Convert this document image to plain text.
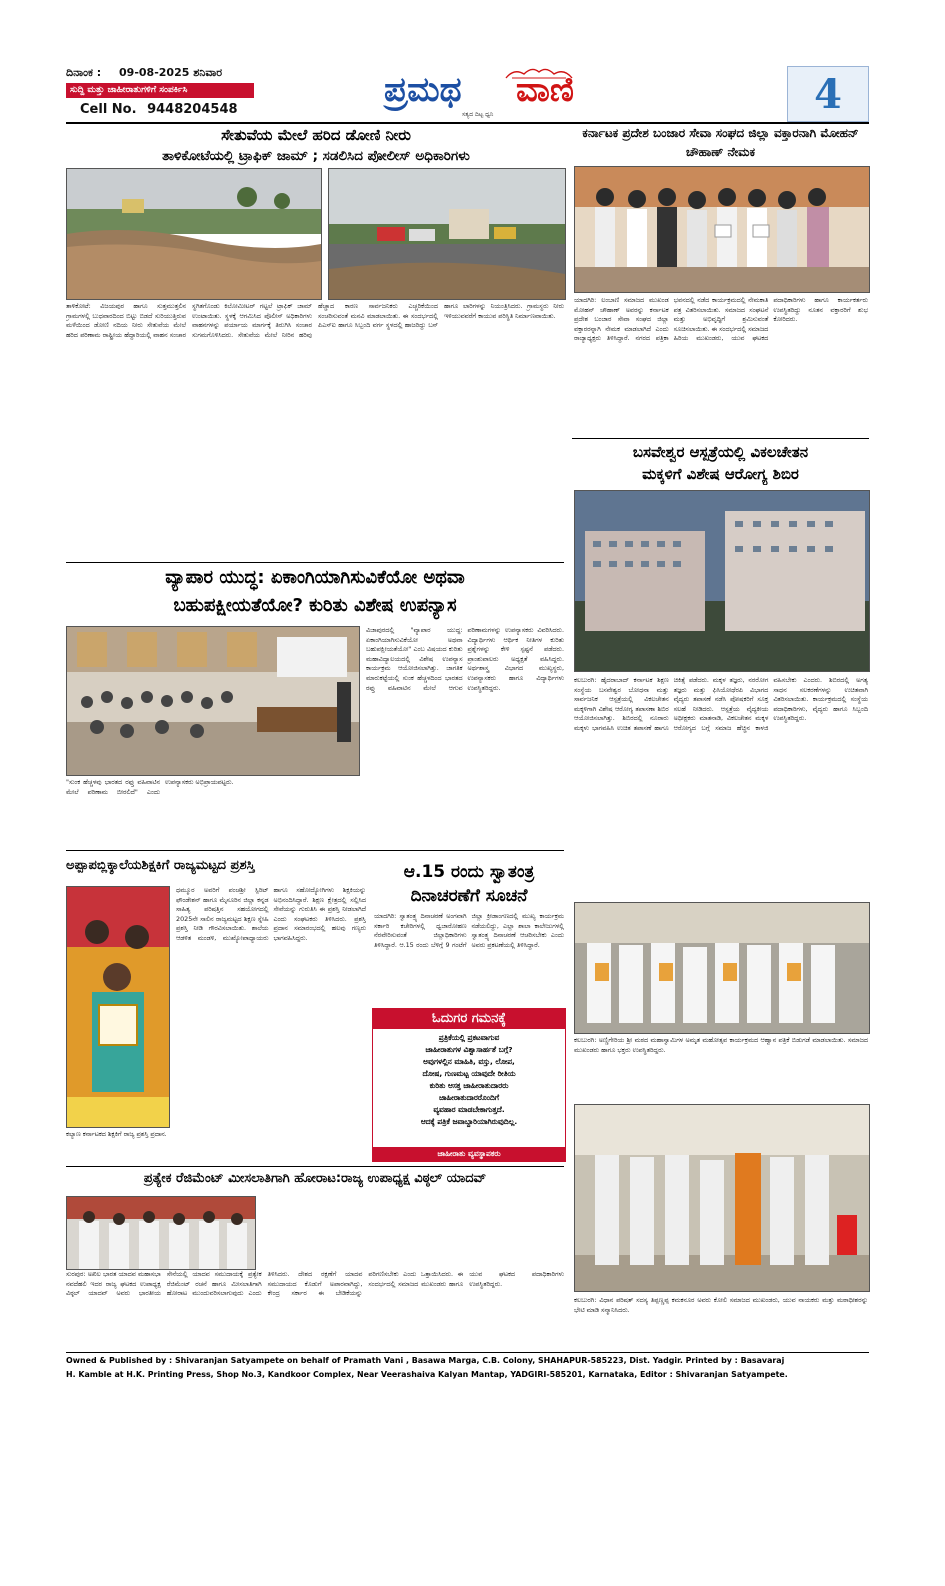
ದಿನಾಂಕ : 09-08-2025 ಶನಿವಾರ
ಸುದ್ದಿ ಮತ್ತು ಜಾಹೀರಾತುಗಳಿಗೆ ಸಂಪರ್ಕಿಸಿ
Cell No. 9448204548	ಪ್ರಮಥ ವಾಣಿ
ಸತ್ಯದ ದಿಟ್ಟ ಧ್ವನಿ	4
ಸೇತುವೆಯ ಮೇಲೆ ಹರಿದ ಡೋಣಿ ನೀರು
ತಾಳಿಕೋಟೆಯಲ್ಲಿ ಟ್ರಾಫಿಕ್ ಜಾಮ್ ; ಸಡಲಿಸಿದ ಪೋಲೀಸ್ ಅಧಿಕಾರಿಗಳು
ತಾಳಿಕೋಟೆ: ವಿಜಯಪುರ ಹಾಗೂ ಸುತ್ತಮುತ್ತಲಿನ ಗ್ರಾಮಗಳಲ್ಲಿ ಬುಧವಾರದಿಂದ ಬಿಟ್ಟು ಬಿಡದೆ ಸುರಿಯುತ್ತಿರುವ ಮಳೆಯಿಂದ ಡೋಣಿ ನದಿಯ ನೀರು ಸೇತುವೆಯ ಮೇಲೆ ಹರಿದ ಪರಿಣಾಮ ರಾಷ್ಟ್ರೀಯ ಹೆದ್ದಾರಿಯಲ್ಲಿ ವಾಹನ ಸಂಚಾರ ಸ್ಥಗಿತಗೊಂಡು ಕಿಲೋಮೀಟರ್ ಗಟ್ಟಲೆ ಟ್ರಾಫಿಕ್ ಜಾಮ್ ಉಂಟಾಯಿತು. ಸ್ಥಳಕ್ಕೆ ಆಗಮಿಸಿದ ಪೊಲೀಸ್ ಅಧಿಕಾರಿಗಳು ವಾಹನಗಳನ್ನು ಪರ್ಯಾಯ ಮಾರ್ಗಕ್ಕೆ ತಿರುಗಿಸಿ ಸಂಚಾರ ಸುಗಮಗೊಳಿಸಿದರು. ಸೇತುವೆಯ ಮೇಲೆ ನೀರಿನ ಹರಿವು ಹೆಚ್ಚಾದ ಕಾರಣ ಸಾರ್ವಜನಿಕರು ಎಚ್ಚರಿಕೆಯಿಂದ ಸಂಚರಿಸುವಂತೆ ಮನವಿ ಮಾಡಲಾಯಿತು. ಈ ಸಂದರ್ಭದಲ್ಲಿ ಪಿಎಸ್‌ಐ ಹಾಗೂ ಸಿಬ್ಬಂದಿ ವರ್ಗ ಸ್ಥಳದಲ್ಲಿ ಹಾಜರಿದ್ದು ಬಸ್ ಹಾಗೂ ಲಾರಿಗಳನ್ನು ನಿಯಂತ್ರಿಸಿದರು. ಗ್ರಾಮಸ್ಥರು ನೀರು ಇಳಿಯುವವರೆಗೆ ಕಾಯುವ ಪರಿಸ್ಥಿತಿ ನಿರ್ಮಾಣವಾಯಿತು.
ಕರ್ನಾಟಕ ಪ್ರದೇಶ ಬಂಜಾರ ಸೇವಾ ಸಂಘದ ಜಿಲ್ಲಾ ವಕ್ತಾರನಾಗಿ ಮೋಹನ್ ಚೌಹಾಣ್ ನೇಮಕ
ಯಾದಗಿರಿ: ಲಂಬಾಣಿ ಸಮಾಜದ ಮುಖಂಡ ಮೋಹನ್ ಚೌಹಾಣ್ ಅವರನ್ನು ಕರ್ನಾಟಕ ಪ್ರದೇಶ ಬಂಜಾರ ಸೇವಾ ಸಂಘದ ಜಿಲ್ಲಾ ವಕ್ತಾರರನ್ನಾಗಿ ನೇಮಕ ಮಾಡಲಾಗಿದೆ ಎಂದು ರಾಜ್ಯಾಧ್ಯಕ್ಷರು ತಿಳಿಸಿದ್ದಾರೆ. ನಗರದ ಪತ್ರಿಕಾ ಭವನದಲ್ಲಿ ನಡೆದ ಕಾರ್ಯಕ್ರಮದಲ್ಲಿ ನೇಮಕಾತಿ ಪತ್ರ ವಿತರಿಸಲಾಯಿತು. ಸಮಾಜದ ಸಂಘಟನೆ ಮತ್ತು ಅಭಿವೃದ್ಧಿಗೆ ಶ್ರಮಿಸುವಂತೆ ಸೂಚಿಸಲಾಯಿತು. ಈ ಸಂದರ್ಭದಲ್ಲಿ ಸಮಾಜದ ಹಿರಿಯ ಮುಖಂಡರು, ಯುವ ಘಟಕದ ಪದಾಧಿಕಾರಿಗಳು ಹಾಗೂ ಕಾರ್ಯಕರ್ತರು ಉಪಸ್ಥಿತರಿದ್ದು ನೂತನ ವಕ್ತಾರರಿಗೆ ಶುಭ ಕೋರಿದರು.
ಬಸವೇಶ್ವರ ಆಸ್ಪತ್ರೆಯಲ್ಲಿ ವಿಕಲಚೇತನ
ಮಕ್ಕಳಿಗೆ ವಿಶೇಷ ಆರೋಗ್ಯ ಶಿಬಿರ
ಕಲಬುರಗಿ: ಹೈದರಾಬಾದ್ ಕರ್ನಾಟಕ ಶಿಕ್ಷಣ ಸಂಸ್ಥೆಯ ಬಸವೇಶ್ವರ ಬೋಧನಾ ಮತ್ತು ಸಾರ್ವಜನಿಕ ಆಸ್ಪತ್ರೆಯಲ್ಲಿ ವಿಕಲಚೇತನ ಮಕ್ಕಳಿಗಾಗಿ ವಿಶೇಷ ಆರೋಗ್ಯ ತಪಾಸಣಾ ಶಿಬಿರ ಆಯೋಜಿಸಲಾಗಿತ್ತು. ಶಿಬಿರದಲ್ಲಿ ನೂರಾರು ಮಕ್ಕಳು ಭಾಗವಹಿಸಿ ಉಚಿತ ತಪಾಸಣೆ ಹಾಗೂ ಚಿಕಿತ್ಸೆ ಪಡೆದರು. ಮಕ್ಕಳ ತಜ್ಞರು, ನರರೋಗ ತಜ್ಞರು ಮತ್ತು ಫಿಸಿಯೋಥೆರಪಿ ವಿಭಾಗದ ವೈದ್ಯರು ತಪಾಸಣೆ ನಡೆಸಿ ಪೋಷಕರಿಗೆ ಸೂಕ್ತ ಸಲಹೆ ನೀಡಿದರು. ಆಸ್ಪತ್ರೆಯ ವೈದ್ಯಕೀಯ ಅಧೀಕ್ಷಕರು ಮಾತನಾಡಿ, ವಿಕಲಚೇತನ ಮಕ್ಕಳ ಆರೋಗ್ಯದ ಬಗ್ಗೆ ಸಮಾಜ ಹೆಚ್ಚಿನ ಕಾಳಜಿ ವಹಿಸಬೇಕು ಎಂದರು. ಶಿಬಿರದಲ್ಲಿ ಅಗತ್ಯ ಸಾಧನ ಸಲಕರಣೆಗಳನ್ನು ಉಚಿತವಾಗಿ ವಿತರಿಸಲಾಯಿತು. ಕಾರ್ಯಕ್ರಮದಲ್ಲಿ ಸಂಸ್ಥೆಯ ಪದಾಧಿಕಾರಿಗಳು, ವೈದ್ಯರು ಹಾಗೂ ಸಿಬ್ಬಂದಿ ಉಪಸ್ಥಿತರಿದ್ದರು.
ಕಲಬುರಗಿ: ಅಣ್ಣಿಗೇರಿಯ ಶ್ರೀ ಮಠದ ಮಹಾಸ್ವಾಮಿಗಳ ಅಮೃತ ಮಹೋತ್ಸವ ಕಾರ್ಯಕ್ರಮದ ಆಹ್ವಾನ ಪತ್ರಿಕೆ ಬಿಡುಗಡೆ ಮಾಡಲಾಯಿತು. ಸಮಾಜದ ಮುಖಂಡರು ಹಾಗೂ ಭಕ್ತರು ಉಪಸ್ಥಿತರಿದ್ದರು.
ಕಲಬುರಗಿ: ವಿಧಾನ ಪರಿಷತ್ ಸದಸ್ಯ ತಿಪ್ಪಣ್ಣಪ್ಪ ಕಮಕನೂರ ಅವರು ಕೋಲಿ ಸಮಾಜದ ಮುಖಂಡರು, ಯುವ ನಾಯಕರು ಮತ್ತು ಮಠಾಧೀಶರನ್ನು ಭೇಟಿ ಮಾಡಿ ಸನ್ಮಾನಿಸಿದರು.
ವ್ಯಾಪಾರ ಯುದ್ಧ: ಏಕಾಂಗಿಯಾಗಿಸುವಿಕೆಯೋ ಅಥವಾ
ಬಹುಪಕ್ಷೀಯತೆಯೋ? ಕುರಿತು ವಿಶೇಷ ಉಪನ್ಯಾಸ
ವಿಜಾಪುರದಲ್ಲಿ "ವ್ಯಾಪಾರ ಯುದ್ಧ: ಏಕಾಂಗಿಯಾಗಿಸುವಿಕೆಯೋ ಅಥವಾ ಬಹುಪಕ್ಷೀಯತೆಯೋ" ಎಂಬ ವಿಷಯದ ಕುರಿತು ಮಹಾವಿದ್ಯಾಲಯದಲ್ಲಿ ವಿಶೇಷ ಉಪನ್ಯಾಸ ಕಾರ್ಯಕ್ರಮ ಆಯೋಜಿಸಲಾಗಿತ್ತು. ಜಾಗತಿಕ ಮಾರುಕಟ್ಟೆಯಲ್ಲಿ ಸುಂಕ ಹೆಚ್ಚಳದಿಂದ ಭಾರತದ ರಫ್ತು ವಹಿವಾಟಿನ ಮೇಲೆ ಆಗುವ ಪರಿಣಾಮಗಳನ್ನು ಉಪನ್ಯಾಸಕರು ವಿವರಿಸಿದರು. ವಿದ್ಯಾರ್ಥಿಗಳು ಆರ್ಥಿಕ ನೀತಿಗಳ ಕುರಿತು ಪ್ರಶ್ನೆಗಳನ್ನು ಕೇಳಿ ಸ್ಪಷ್ಟನೆ ಪಡೆದರು. ಪ್ರಾಂಶುಪಾಲರು ಅಧ್ಯಕ್ಷತೆ ವಹಿಸಿದ್ದರು. ಅರ್ಥಶಾಸ್ತ್ರ ವಿಭಾಗದ ಮುಖ್ಯಸ್ಥರು, ಉಪನ್ಯಾಸಕರು ಹಾಗೂ ವಿದ್ಯಾರ್ಥಿಗಳು ಉಪಸ್ಥಿತರಿದ್ದರು.
"ಸುಂಕ ಹೆಚ್ಚಳವು ಭಾರತದ ರಫ್ತು ವಹಿವಾಟಿನ ಮೇಲೆ ಪರಿಣಾಮ ಬೀರಲಿದೆ" ಎಂದು ಉಪನ್ಯಾಸಕರು ಅಭಿಪ್ರಾಯಪಟ್ಟರು.
ಅಪ್ಪಾಪಬ್ಲಿಕ್ಶಾಲೆಯಶಿಕ್ಷಕಿಗೆ ರಾಜ್ಯಮಟ್ಟದ ಪ್ರಶಸ್ತಿ
ಧಮ್ಮೂರ ಅವರಿಗೆ ಪಂಚಶ್ರೀ ಸ್ಪಿರಿಟ್ ಫೌಂಡೇಶನ್ ಹಾಗೂ ಮೈಸೂರಿನ ಜಿಲ್ಲಾ ಕನ್ನಡ ಸಾಹಿತ್ಯ ಪರಿಷತ್ತಿನ ಸಹಯೋಗದಲ್ಲಿ 2025ನೇ ಸಾಲಿನ ರಾಜ್ಯಮಟ್ಟದ ಶಿಕ್ಷಣ ಸ್ನೇಹಿ ಪ್ರಶಸ್ತಿ ನೀಡಿ ಗೌರವಿಸಲಾಯಿತು. ಶಾಲೆಯ ಆಡಳಿತ ಮಂಡಳಿ, ಮುಖ್ಯೋಪಾಧ್ಯಾಯರು ಹಾಗೂ ಸಹೋದ್ಯೋಗಿಗಳು ಶಿಕ್ಷಕಿಯನ್ನು ಅಭಿನಂದಿಸಿದ್ದಾರೆ. ಶಿಕ್ಷಣ ಕ್ಷೇತ್ರದಲ್ಲಿ ಸಲ್ಲಿಸಿದ ಸೇವೆಯನ್ನು ಗುರುತಿಸಿ ಈ ಪ್ರಶಸ್ತಿ ನೀಡಲಾಗಿದೆ ಎಂದು ಸಂಘಟಕರು ತಿಳಿಸಿದರು. ಪ್ರಶಸ್ತಿ ಪ್ರದಾನ ಸಮಾರಂಭದಲ್ಲಿ ಹಲವು ಗಣ್ಯರು ಭಾಗವಹಿಸಿದ್ದರು.
ಕಲ್ಯಾಣ ಕರ್ನಾಟಕದ ಶಿಕ್ಷಕಿಗೆ ರಾಜ್ಯ ಪ್ರಶಸ್ತಿ ಪ್ರದಾನ.
ಆ.15 ರಂದು ಸ್ವಾತಂತ್ರ
ದಿನಾಚರಣೆಗೆ ಸೂಚನೆ
ಯಾದಗಿರಿ: ಸ್ವಾತಂತ್ರ್ಯ ದಿನಾಚರಣೆ ಅಂಗವಾಗಿ ಸರ್ಕಾರಿ ಕಚೇರಿಗಳಲ್ಲಿ ಧ್ವಜಾರೋಹಣ ನೆರವೇರಿಸುವಂತೆ ಜಿಲ್ಲಾಧಿಕಾರಿಗಳು ತಿಳಿಸಿದ್ದಾರೆ. ಆ.15 ರಂದು ಬೆಳಿಗ್ಗೆ 9 ಗಂಟೆಗೆ ಜಿಲ್ಲಾ ಕ್ರೀಡಾಂಗಣದಲ್ಲಿ ಮುಖ್ಯ ಕಾರ್ಯಕ್ರಮ ನಡೆಯಲಿದ್ದು, ಎಲ್ಲಾ ಶಾಲಾ ಕಾಲೇಜುಗಳಲ್ಲಿ ಸ್ವಾತಂತ್ರ್ಯ ದಿನಾಚರಣೆ ಆಚರಿಸಬೇಕು ಎಂದು ಅವರು ಪ್ರಕಟಣೆಯಲ್ಲಿ ತಿಳಿಸಿದ್ದಾರೆ.
ಓದುಗರ ಗಮನಕ್ಕೆ
ಪ್ರತ್ರಿಕೆಯಲ್ಲಿ ಪ್ರಕಟವಾಗುವ
ಜಾಹೀರಾತುಗಳ ವಿಶ್ವಾಸಾರ್ಹತೆ ಬಗ್ಗೆ?
ಅವುಗಳಲ್ಲಿನ ಮಾಹಿತಿ, ವಸ್ತು, ಲೋಪ,
ದೋಷ, ಗುಣಮಟ್ಟ ಯಾವುದೇ ರೀತಿಯ
ಕುರಿತು ಆಸಕ್ತ ಜಾಹೀರಾತುದಾರರು
ಜಾಹೀರಾತುದಾರರೊಂದಿಗೆ
ವ್ಯವಹಾರ ಮಾಡಬೇಕಾಗುತ್ತದೆ.
ಆದಕ್ಕೆ ಪತ್ರಿಕೆ ಜವಾಬ್ದಾರಿಯಾಗಿರುವುದಿಲ್ಲ.
ಜಾಹೀರಾತು ವ್ಯವಸ್ಥಾಪಕರು
ಪ್ರತ್ಯೇಕ ರೆಜಿಮೆಂಟ್ ಮೀಸಲಾತಿಗಾಗಿ ಹೋರಾಟ:ರಾಜ್ಯ ಉಪಾಧ್ಯಕ್ಷ ವಿಠ್ಠಲ್ ಯಾದವ್
ಸುರಪುರ: ಅಖಿಲ ಭಾರತ ಯಾದವ ಮಹಾಸಭಾ ನವದೆಹಲಿ ಇದರ ರಾಜ್ಯ ಘಟಕದ ಉಪಾಧ್ಯಕ್ಷ ವಿಠ್ಠಲ್ ಯಾದವ್ ಅವರು ಭಾರತೀಯ ಸೇನೆಯಲ್ಲಿ ಯಾದವ ಸಮುದಾಯಕ್ಕೆ ಪ್ರತ್ಯೇಕ ರೆಜಿಮೆಂಟ್ ರಚನೆ ಹಾಗೂ ಮೀಸಲಾತಿಗಾಗಿ ಹೋರಾಟ ಮುಂದುವರಿಸಲಾಗುವುದು ಎಂದು ತಿಳಿಸಿದರು. ದೇಶದ ರಕ್ಷಣೆಗೆ ಯಾದವ ಸಮುದಾಯದ ಕೊಡುಗೆ ಅಪಾರವಾಗಿದ್ದು, ಕೇಂದ್ರ ಸರ್ಕಾರ ಈ ಬೇಡಿಕೆಯನ್ನು ಪರಿಗಣಿಸಬೇಕು ಎಂದು ಒತ್ತಾಯಿಸಿದರು. ಈ ಸಂದರ್ಭದಲ್ಲಿ ಸಮಾಜದ ಮುಖಂಡರು ಹಾಗೂ ಯುವ ಘಟಕದ ಪದಾಧಿಕಾರಿಗಳು ಉಪಸ್ಥಿತರಿದ್ದರು.
Owned & Published by : Shivaranjan Satyampete on behalf of Pramath Vani , Basawa Marga, C.B. Colony, SHAHAPUR-585223, Dist. Yadgir. Printed by : Basavaraj
H. Kamble at H.K. Printing Press, Shop No.3, Kandkoor Complex, Near Veerashaiva Kalyan Mantap, YADGIRI-585201, Karnataka, Editor : Shivaranjan Satyampete.
